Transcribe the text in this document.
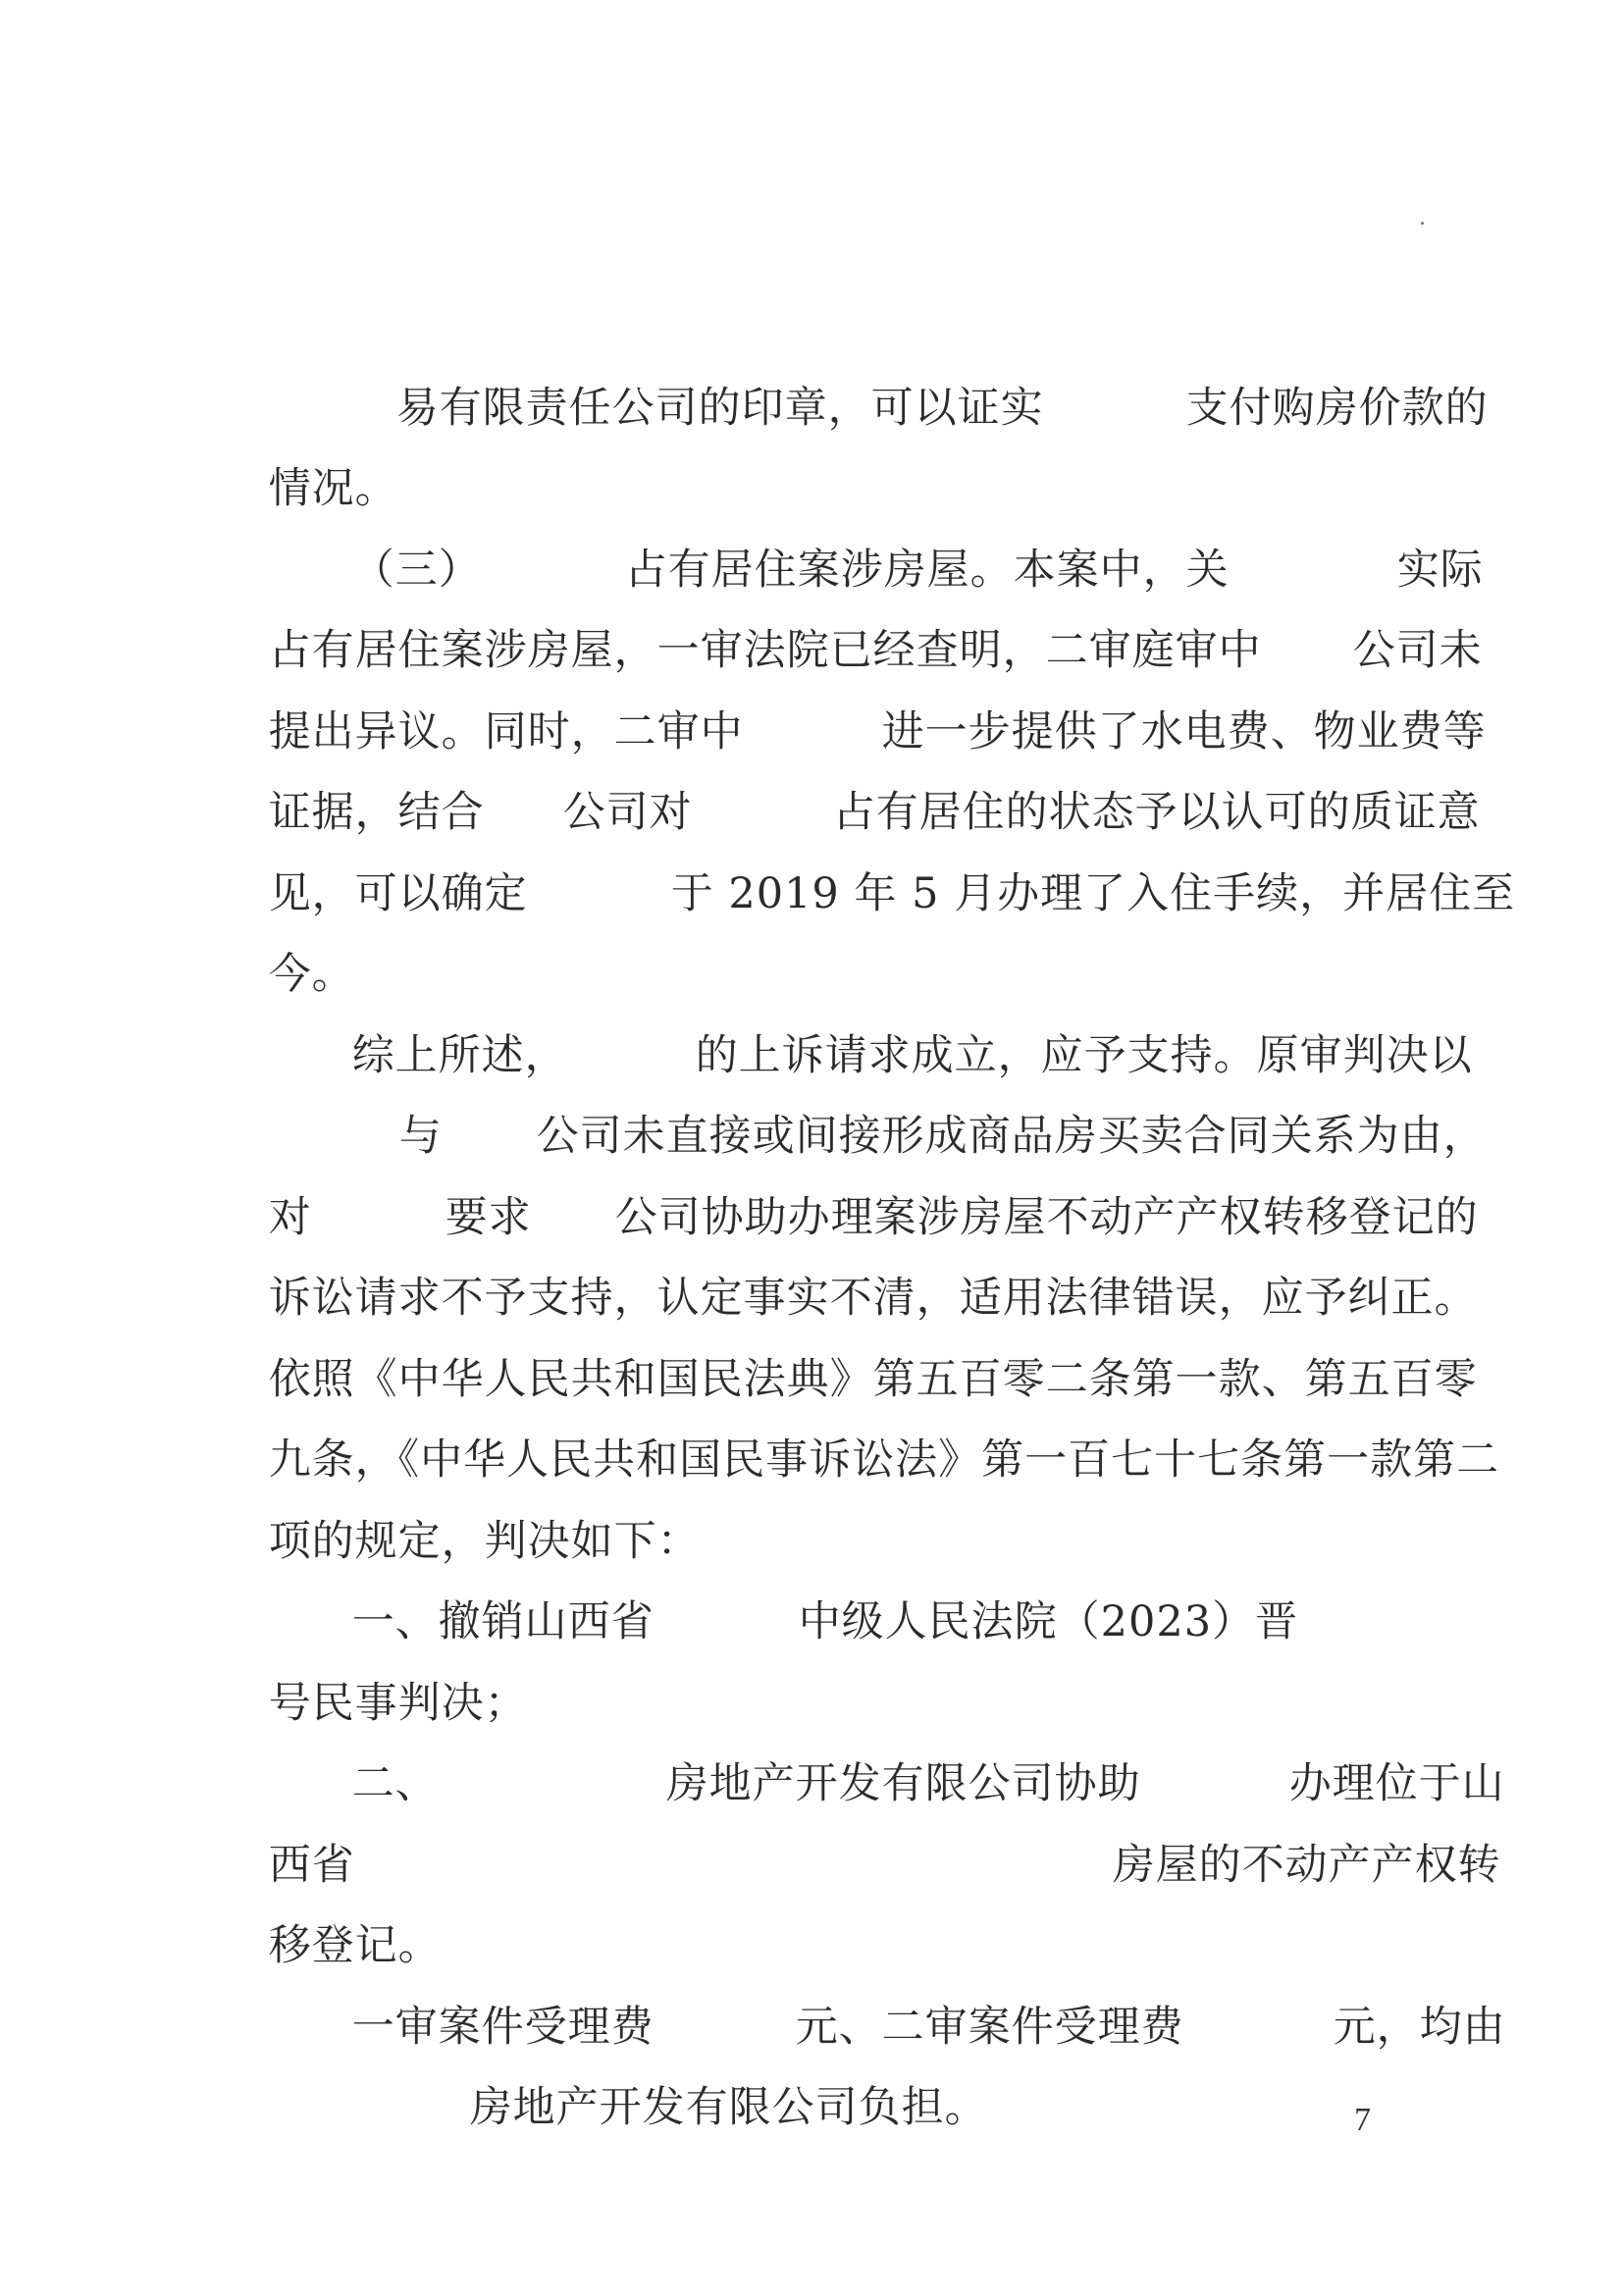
易有限责任公司的印章，可以证实
	支付购房价款的

情况。

（三）
	占有居住案涉房屋。本案中，关
	实际

占有居住案涉房屋，一审法院已经查明，二审庭审中
	公司未

提出异议。同时，二审中
	进一步提供了水电费、物业费等

证据，结合
	公司对
	占有居住的状态予以认可的质证意

见，可以确定
	于 2019 年 5 月办理了入住手续，并居住至

今。

综上所述，
	的上诉请求成立，应予支持。原审判决以

与
	公司未直接或间接形成商品房买卖合同关系为由，

对
	要求
	公司协助办理案涉房屋不动产产权转移登记的

诉讼请求不予支持，认定事实不清，适用法律错误，应予纠正。

依照《中华人民共和国民法典》第五百零二条第一款、第五百零

九条，《中华人民共和国民事诉讼法》第一百七十七条第一款第二

项的规定，判决如下：

一、撤销山西省
	中级人民法院（2023）晋

号民事判决；

二、
	房地产开发有限公司协助
	办理位于山

西省
	房屋的不动产产权转

移登记。

一审案件受理费
	元、二审案件受理费
	元，均由

房地产开发有限公司负担。
	7
